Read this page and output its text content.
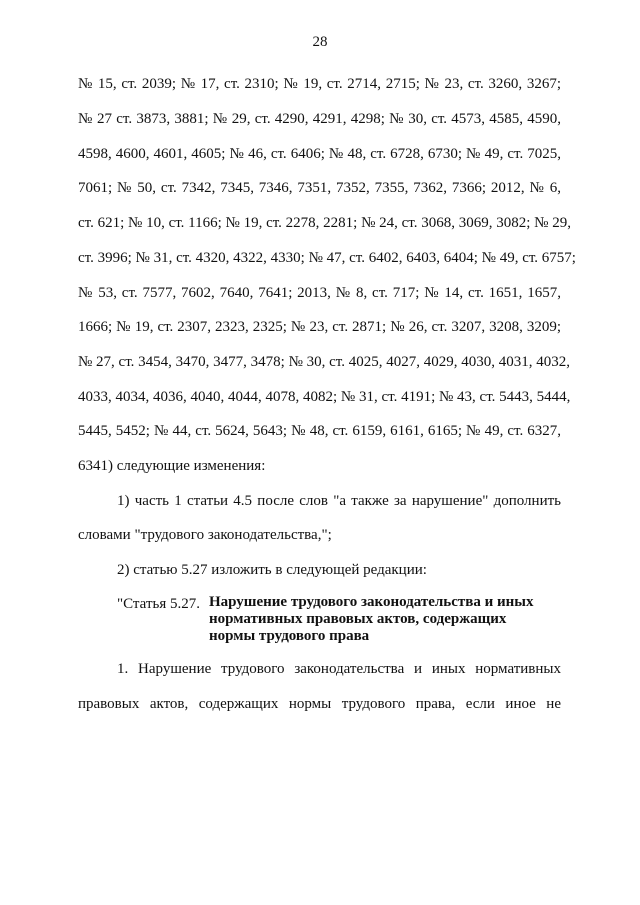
28
№ 15, ст. 2039; № 17, ст. 2310; № 19, ст. 2714, 2715; № 23, ст. 3260, 3267;
№ 27 ст. 3873, 3881; № 29, ст. 4290, 4291, 4298; № 30, ст. 4573, 4585, 4590,
4598, 4600, 4601, 4605; № 46, ст. 6406; № 48, ст. 6728, 6730; № 49, ст. 7025,
7061; № 50, ст. 7342, 7345, 7346, 7351, 7352, 7355, 7362, 7366; 2012, № 6,
ст. 621; № 10, ст. 1166; № 19, ст. 2278, 2281; № 24, ст. 3068, 3069, 3082; № 29,
ст. 3996; № 31, ст. 4320, 4322, 4330; № 47, ст. 6402, 6403, 6404; № 49, ст. 6757;
№ 53, ст. 7577, 7602, 7640, 7641; 2013, № 8, ст. 717; № 14, ст. 1651, 1657,
1666; № 19, ст. 2307, 2323, 2325; № 23, ст. 2871; № 26, ст. 3207, 3208, 3209;
№ 27, ст. 3454, 3470, 3477, 3478; № 30, ст. 4025, 4027, 4029, 4030, 4031, 4032,
4033, 4034, 4036, 4040, 4044, 4078, 4082; № 31, ст. 4191; № 43, ст. 5443, 5444,
5445, 5452; № 44, ст. 5624, 5643; № 48, ст. 6159, 6161, 6165; № 49, ст. 6327,
6341) следующие изменения:
1) часть 1 статьи 4.5 после слов "а также за нарушение" дополнить
словами "трудового законодательства,";
2) статью 5.27 изложить в следующей редакции:
"Статья 5.27. Нарушение трудового законодательства и иных
нормативных правовых актов, содержащих
нормы трудового права
1. Нарушение трудового законодательства и иных нормативных
правовых актов, содержащих нормы трудового права, если иное не
